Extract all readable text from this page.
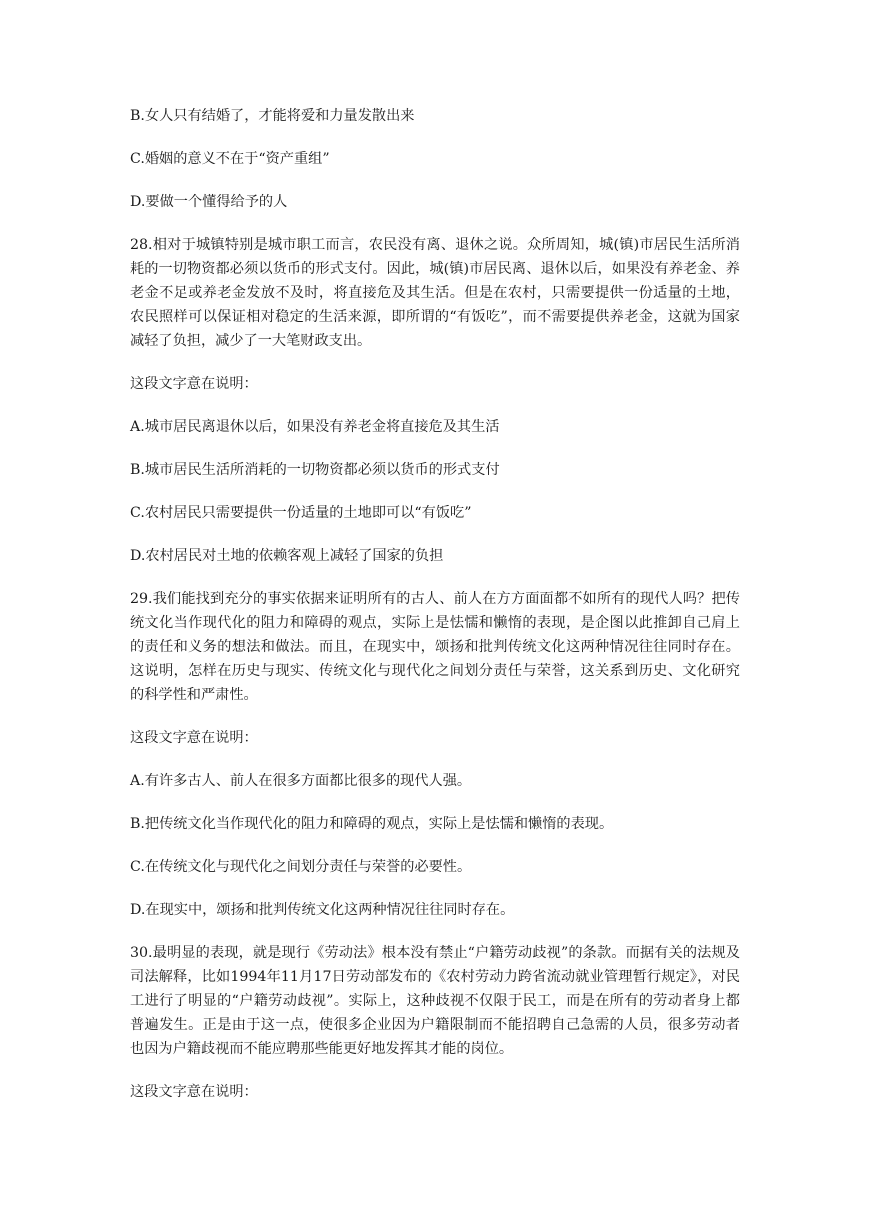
B.女人只有结婚了，才能将爱和力量发散出来

C.婚姻的意义不在于“资产重组”

D.要做一个懂得给予的人

28.相对于城镇特别是城市职工而言，农民没有离、退休之说。众所周知，城(镇)市居民生活所消耗的一切物资都必须以货币的形式支付。因此，城(镇)市居民离、退休以后，如果没有养老金、养老金不足或养老金发放不及时，将直接危及其生活。但是在农村，只需要提供一份适量的土地，农民照样可以保证相对稳定的生活来源，即所谓的“有饭吃”，而不需要提供养老金，这就为国家减轻了负担，减少了一大笔财政支出。

这段文字意在说明：

A.城市居民离退休以后，如果没有养老金将直接危及其生活

B.城市居民生活所消耗的一切物资都必须以货币的形式支付

C.农村居民只需要提供一份适量的土地即可以“有饭吃”

D.农村居民对土地的依赖客观上减轻了国家的负担

29.我们能找到充分的事实依据来证明所有的古人、前人在方方面面都不如所有的现代人吗？把传统文化当作现代化的阻力和障碍的观点，实际上是怯懦和懒惰的表现，是企图以此推卸自己肩上的责任和义务的想法和做法。而且，在现实中，颂扬和批判传统文化这两种情况往往同时存在。这说明，怎样在历史与现实、传统文化与现代化之间划分责任与荣誉，这关系到历史、文化研究的科学性和严肃性。

这段文字意在说明：

A.有许多古人、前人在很多方面都比很多的现代人强。

B.把传统文化当作现代化的阻力和障碍的观点，实际上是怯懦和懒惰的表现。

C.在传统文化与现代化之间划分责任与荣誉的必要性。

D.在现实中，颂扬和批判传统文化这两种情况往往同时存在。

30.最明显的表现，就是现行《劳动法》根本没有禁止“户籍劳动歧视”的条款。而据有关的法规及司法解释，比如1994年11月17日劳动部发布的《农村劳动力跨省流动就业管理暂行规定》，对民工进行了明显的“户籍劳动歧视”。实际上，这种歧视不仅限于民工，而是在所有的劳动者身上都普遍发生。正是由于这一点，使很多企业因为户籍限制而不能招聘自己急需的人员，很多劳动者也因为户籍歧视而不能应聘那些能更好地发挥其才能的岗位。

这段文字意在说明：
